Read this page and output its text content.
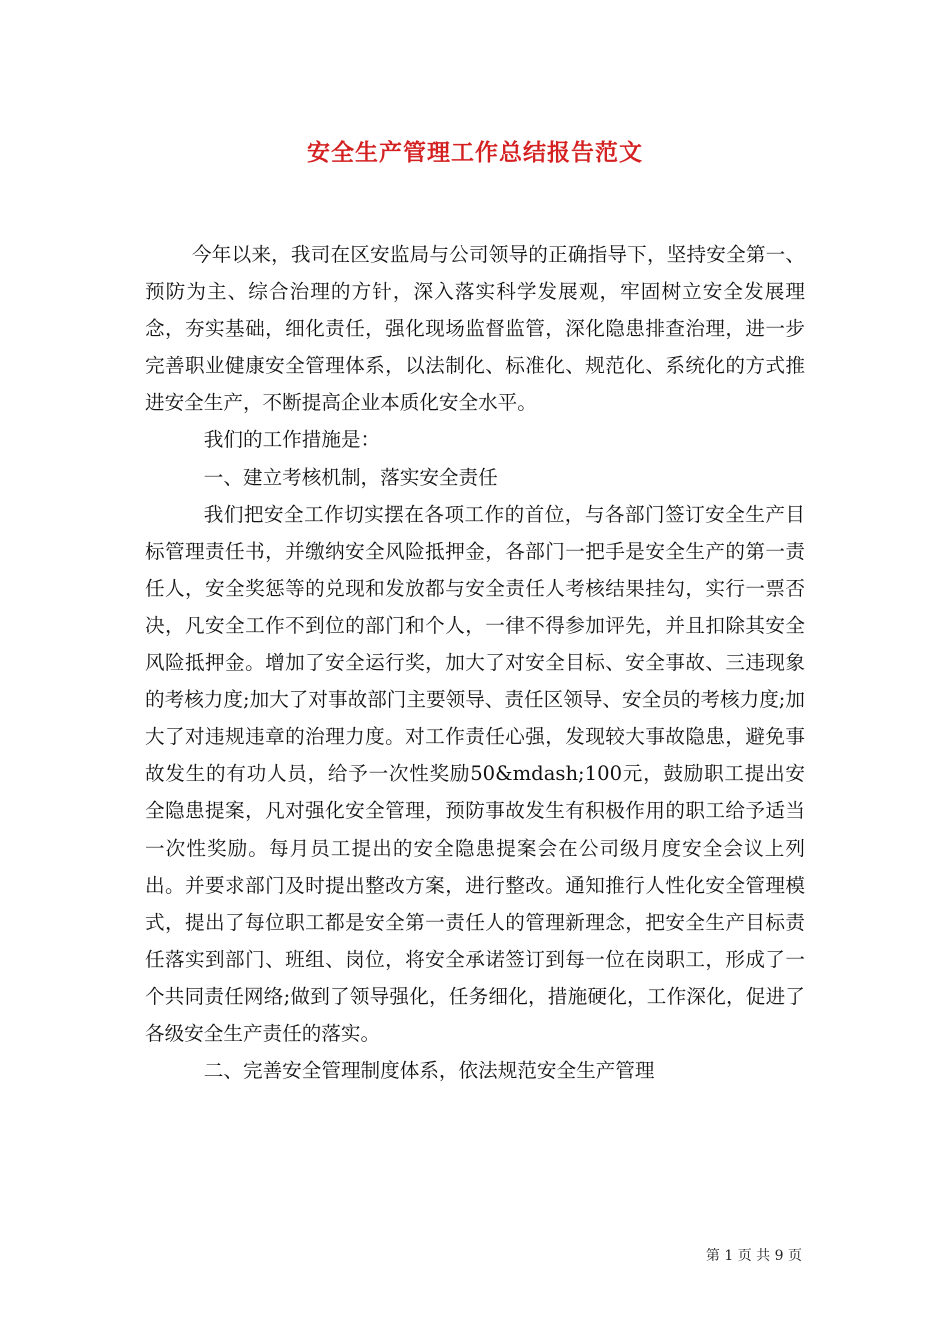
安全生产管理工作总结报告范文

今年以来，我司在区安监局与公司领导的正确指导下，坚持安全第一、预防为主、综合治理的方针，深入落实科学发展观，牢固树立安全发展理念，夯实基础，细化责任，强化现场监督监管，深化隐患排查治理，进一步完善职业健康安全管理体系，以法制化、标准化、规范化、系统化的方式推进安全生产，不断提高企业本质化安全水平。

我们的工作措施是：

一、建立考核机制，落实安全责任

我们把安全工作切实摆在各项工作的首位，与各部门签订安全生产目标管理责任书，并缴纳安全风险抵押金，各部门一把手是安全生产的第一责任人，安全奖惩等的兑现和发放都与安全责任人考核结果挂勾，实行一票否决，凡安全工作不到位的部门和个人，一律不得参加评先，并且扣除其安全风险抵押金。增加了安全运行奖，加大了对安全目标、安全事故、三违现象的考核力度;加大了对事故部门主要领导、责任区领导、安全员的考核力度;加大了对违规违章的治理力度。对工作责任心强，发现较大事故隐患，避免事故发生的有功人员，给予一次性奖励50&mdash;100元，鼓励职工提出安全隐患提案，凡对强化安全管理，预防事故发生有积极作用的职工给予适当一次性奖励。每月员工提出的安全隐患提案会在公司级月度安全会议上列出。并要求部门及时提出整改方案，进行整改。通知推行人性化安全管理模式，提出了每位职工都是安全第一责任人的管理新理念，把安全生产目标责任落实到部门、班组、岗位，将安全承诺签订到每一位在岗职工，形成了一个共同责任网络;做到了领导强化，任务细化，措施硬化，工作深化，促进了各级安全生产责任的落实。

二、完善安全管理制度体系，依法规范安全生产管理

第 1 页 共 9 页
